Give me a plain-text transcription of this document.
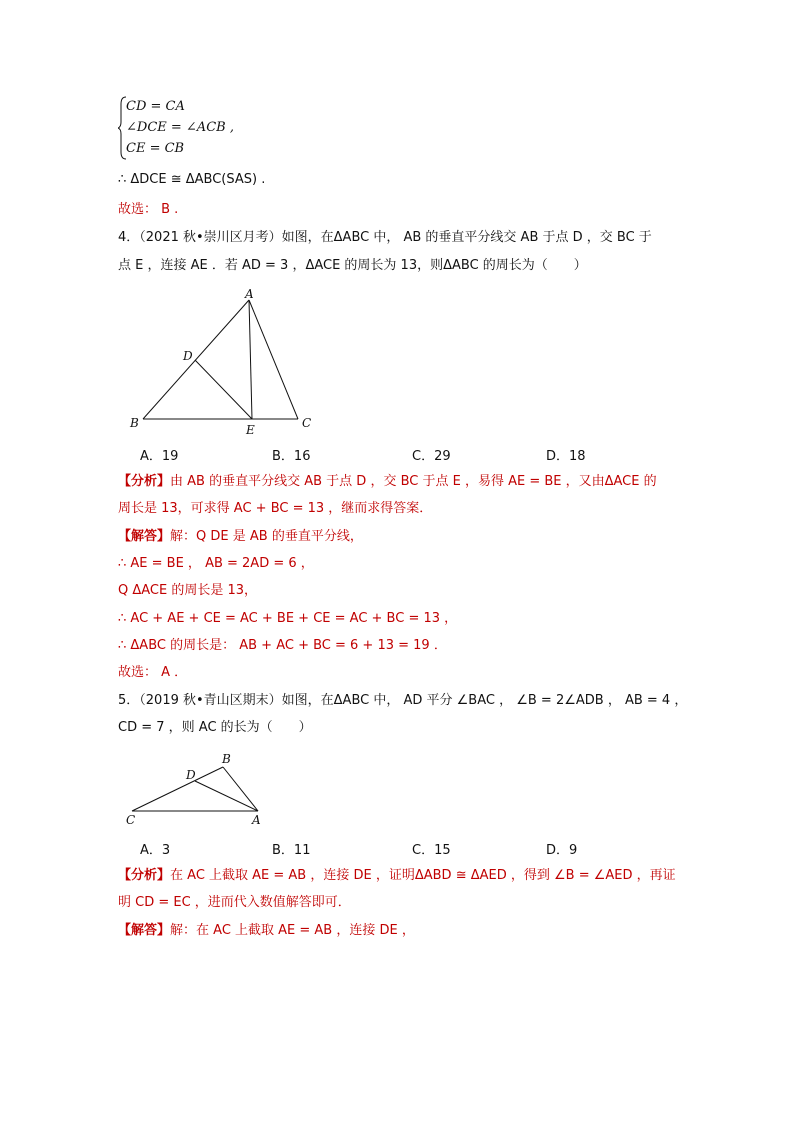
CD = CA
∠DCE = ∠ACB ,
CE = CB
∴ ΔDCE ≅ ΔABC(SAS) .
故选： B .
4．（2021 秋•崇川区月考）如图，在ΔABC 中， AB 的垂直平分线交 AB 于点 D ，交 BC 于
点 E ，连接 AE ．若 AD = 3 ，ΔACE 的周长为 13，则ΔABC 的周长为（　　）
A
B	C
D
E
A．19	B．16	C．29	D．18
【分析】由 AB 的垂直平分线交 AB 于点 D ，交 BC 于点 E ，易得 AE = BE ，又由ΔACE 的
周长是 13，可求得 AC + BC = 13 ，继而求得答案．
【解答】解：Q DE 是 AB 的垂直平分线，
∴ AE = BE ， AB = 2AD = 6 ，
Q ΔACE 的周长是 13，
∴ AC + AE + CE = AC + BE + CE = AC + BC = 13 ，
∴ ΔABC 的周长是： AB + AC + BC = 6 + 13 = 19 ．
故选： A ．
5．（2019 秋•青山区期末）如图，在ΔABC 中， AD 平分 ∠BAC ， ∠B = 2∠ADB ， AB = 4 ，
CD = 7 ，则 AC 的长为（　　）
A
B
C
D
A．3	B．11	C．15	D．9
【分析】在 AC 上截取 AE = AB ，连接 DE ，证明ΔABD ≅ ΔAED ，得到 ∠B = ∠AED ，再证
明 CD = EC ，进而代入数值解答即可．
【解答】解：在 AC 上截取 AE = AB ，连接 DE ，
